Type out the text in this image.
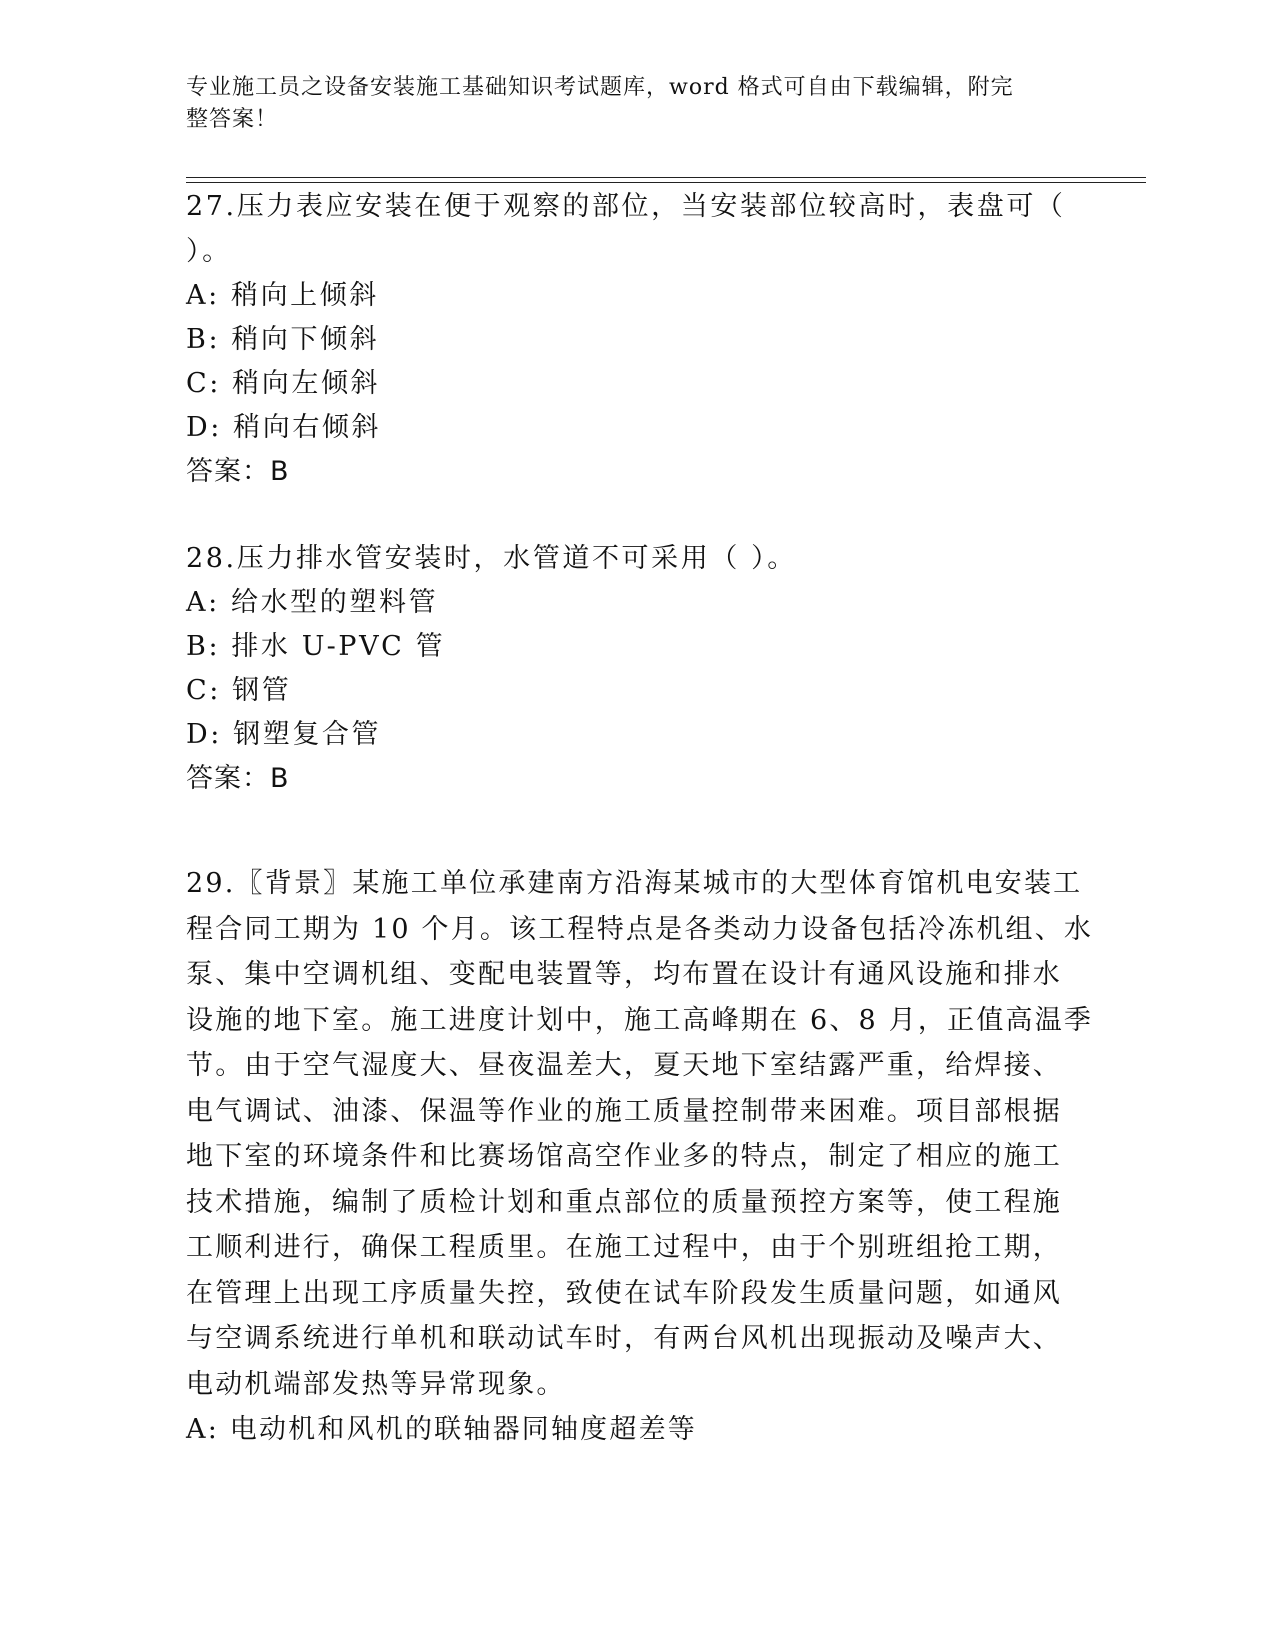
专业施工员之设备安装施工基础知识考试题库，word 格式可自由下载编辑，附完
整答案！
27.压力表应安装在便于观察的部位，当安装部位较高时，表盘可（
）。
A: 稍向上倾斜
B: 稍向下倾斜
C: 稍向左倾斜
D: 稍向右倾斜
答案：B
28.压力排水管安装时，水管道不可采用（ ）。
A: 给水型的塑料管
B: 排水 U-PVC 管
C: 钢管
D: 钢塑复合管
答案：B
29.〖背景〗某施工单位承建南方沿海某城市的大型体育馆机电安装工
程合同工期为 10 个月。该工程特点是各类动力设备包括冷冻机组、水
泵、集中空调机组、变配电装置等，均布置在设计有通风设施和排水
设施的地下室。施工进度计划中，施工高峰期在 6、8 月，正值高温季
节。由于空气湿度大、昼夜温差大，夏天地下室结露严重，给焊接、
电气调试、油漆、保温等作业的施工质量控制带来困难。项目部根据
地下室的环境条件和比赛场馆高空作业多的特点，制定了相应的施工
技术措施，编制了质检计划和重点部位的质量预控方案等，使工程施
工顺利进行，确保工程质里。在施工过程中，由于个别班组抢工期，
在管理上出现工序质量失控，致使在试车阶段发生质量问题，如通风
与空调系统进行单机和联动试车时，有两台风机出现振动及噪声大、
电动机端部发热等异常现象。
A: 电动机和风机的联轴器同轴度超差等
